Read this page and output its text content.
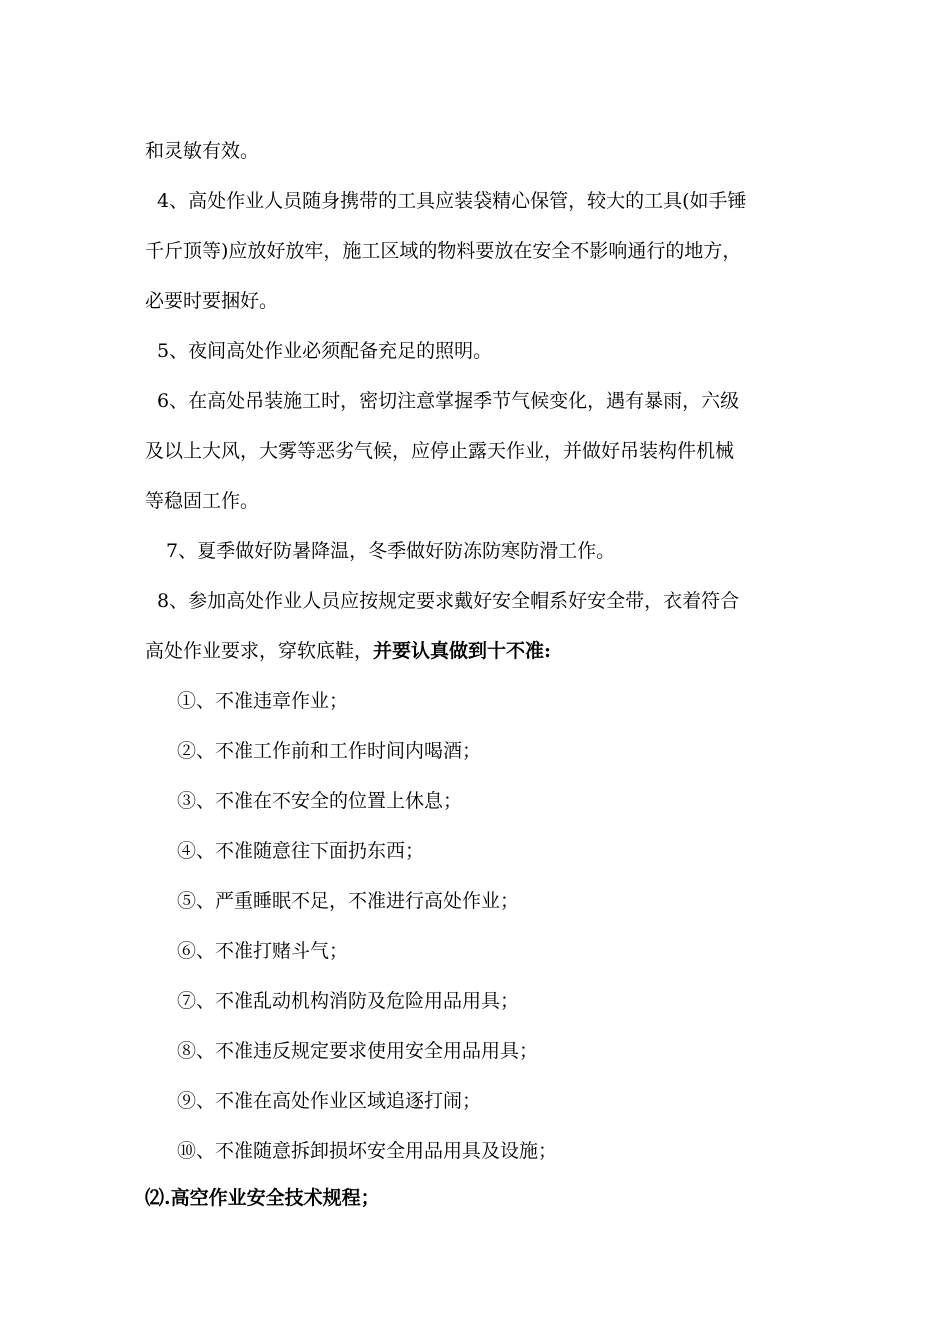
和灵敏有效。
4、高处作业人员随身携带的工具应装袋精心保管，较大的工具(如手锤
千斤顶等)应放好放牢，施工区域的物料要放在安全不影响通行的地方，
必要时要捆好。
5、夜间高处作业必须配备充足的照明。
6、在高处吊装施工时，密切注意掌握季节气候变化，遇有暴雨，六级
及以上大风，大雾等恶劣气候，应停止露天作业，并做好吊装构件机械
等稳固工作。
7、夏季做好防暑降温，冬季做好防冻防寒防滑工作。
8、参加高处作业人员应按规定要求戴好安全帽系好安全带，衣着符合
高处作业要求，穿软底鞋，并要认真做到十不准:
①、不准违章作业；
②、不准工作前和工作时间内喝酒；
③、不准在不安全的位置上休息；
④、不准随意往下面扔东西；
⑤、严重睡眠不足，不准进行高处作业；
⑥、不准打赌斗气；
⑦、不准乱动机构消防及危险用品用具；
⑧、不准违反规定要求使用安全用品用具；
⑨、不准在高处作业区域追逐打闹；
⑩、不准随意拆卸损坏安全用品用具及设施；
⑵.高空作业安全技术规程；
